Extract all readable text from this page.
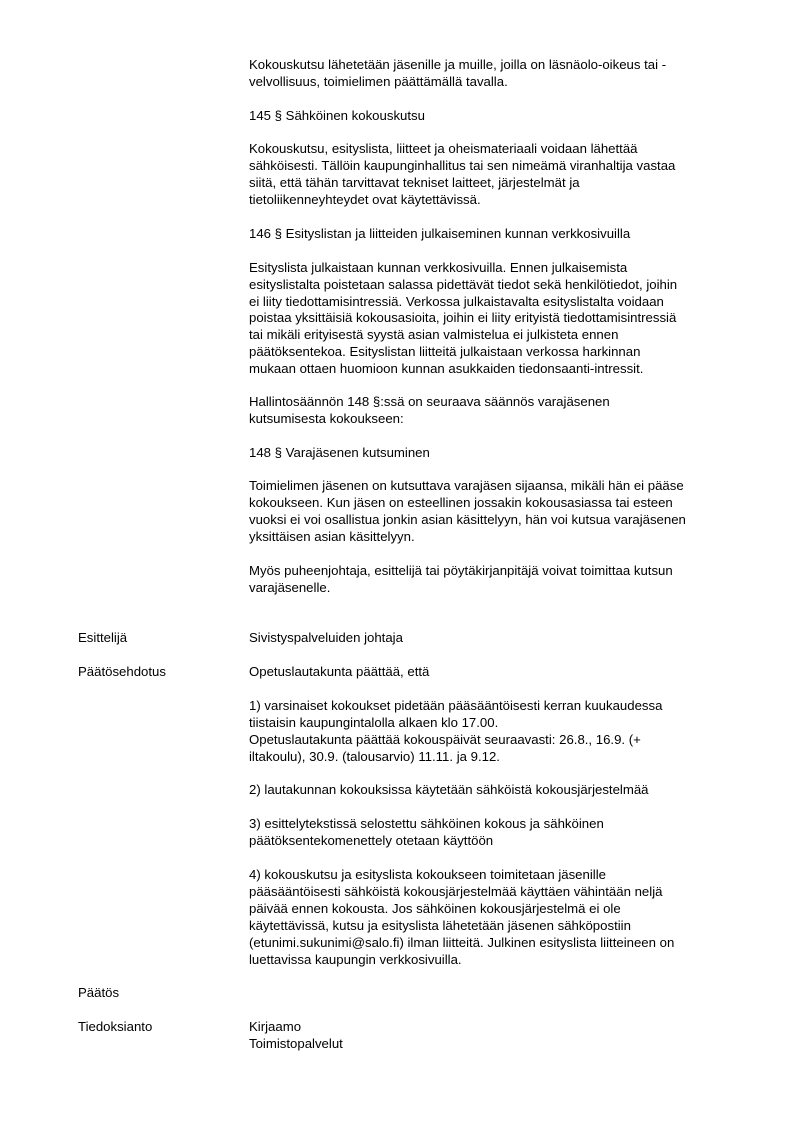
Kokouskutsu lähetetään jäsenille ja muille, joilla on läsnäolo-oikeus tai -
velvollisuus, toimielimen päättämällä tavalla.
145 § Sähköinen kokouskutsu
Kokouskutsu, esityslista, liitteet ja oheismateriaali voidaan lähettää
sähköisesti. Tällöin kaupunginhallitus tai sen nimeämä viranhaltija vastaa
siitä, että tähän tarvittavat tekniset laitteet, järjestelmät ja
tietoliikenneyhteydet ovat käytettävissä.
146 § Esityslistan ja liitteiden julkaiseminen kunnan verkkosivuilla
Esityslista julkaistaan kunnan verkkosivuilla. Ennen julkaisemista
esityslistalta poistetaan salassa pidettävät tiedot sekä henkilötiedot, joihin
ei liity tiedottamisintressiä. Verkossa julkaistavalta esityslistalta voidaan
poistaa yksittäisiä kokousasioita, joihin ei liity erityistä tiedottamisintressiä
tai mikäli erityisestä syystä asian valmistelua ei julkisteta ennen
päätöksentekoa. Esityslistan liitteitä julkaistaan verkossa harkinnan
mukaan ottaen huomioon kunnan asukkaiden tiedonsaanti-intressit.
Hallintosäännön 148 §:ssä on seuraava säännös varajäsenen
kutsumisesta kokoukseen:
148 § Varajäsenen kutsuminen
Toimielimen jäsenen on kutsuttava varajäsen sijaansa, mikäli hän ei pääse
kokoukseen. Kun jäsen on esteellinen jossakin kokousasiassa tai esteen
vuoksi ei voi osallistua jonkin asian käsittelyyn, hän voi kutsua varajäsenen
yksittäisen asian käsittelyyn.
Myös puheenjohtaja, esittelijä tai pöytäkirjanpitäjä voivat toimittaa kutsun
varajäsenelle.
Esittelijä	Sivistyspalveluiden johtaja
Päätösehdotus	Opetuslautakunta päättää, että
1) varsinaiset kokoukset pidetään pääsääntöisesti kerran kuukaudessa
tiistaisin kaupungintalolla alkaen klo 17.00.
Opetuslautakunta päättää kokouspäivät seuraavasti: 26.8., 16.9. (+
iltakoulu), 30.9. (talousarvio) 11.11. ja 9.12.
2) lautakunnan kokouksissa käytetään sähköistä kokousjärjestelmää
3) esittelytekstissä selostettu sähköinen kokous ja sähköinen
päätöksentekomenettely otetaan käyttöön
4) kokouskutsu ja esityslista kokoukseen toimitetaan jäsenille
pääsääntöisesti sähköistä kokousjärjestelmää käyttäen vähintään neljä
päivää ennen kokousta. Jos sähköinen kokousjärjestelmä ei ole
käytettävissä, kutsu ja esityslista lähetetään jäsenen sähköpostiin
(etunimi.sukunimi@salo.fi) ilman liitteitä. Julkinen esityslista liitteineen on
luettavissa kaupungin verkkosivuilla.
Päätös
Tiedoksianto	Kirjaamo
Toimistopalvelut
